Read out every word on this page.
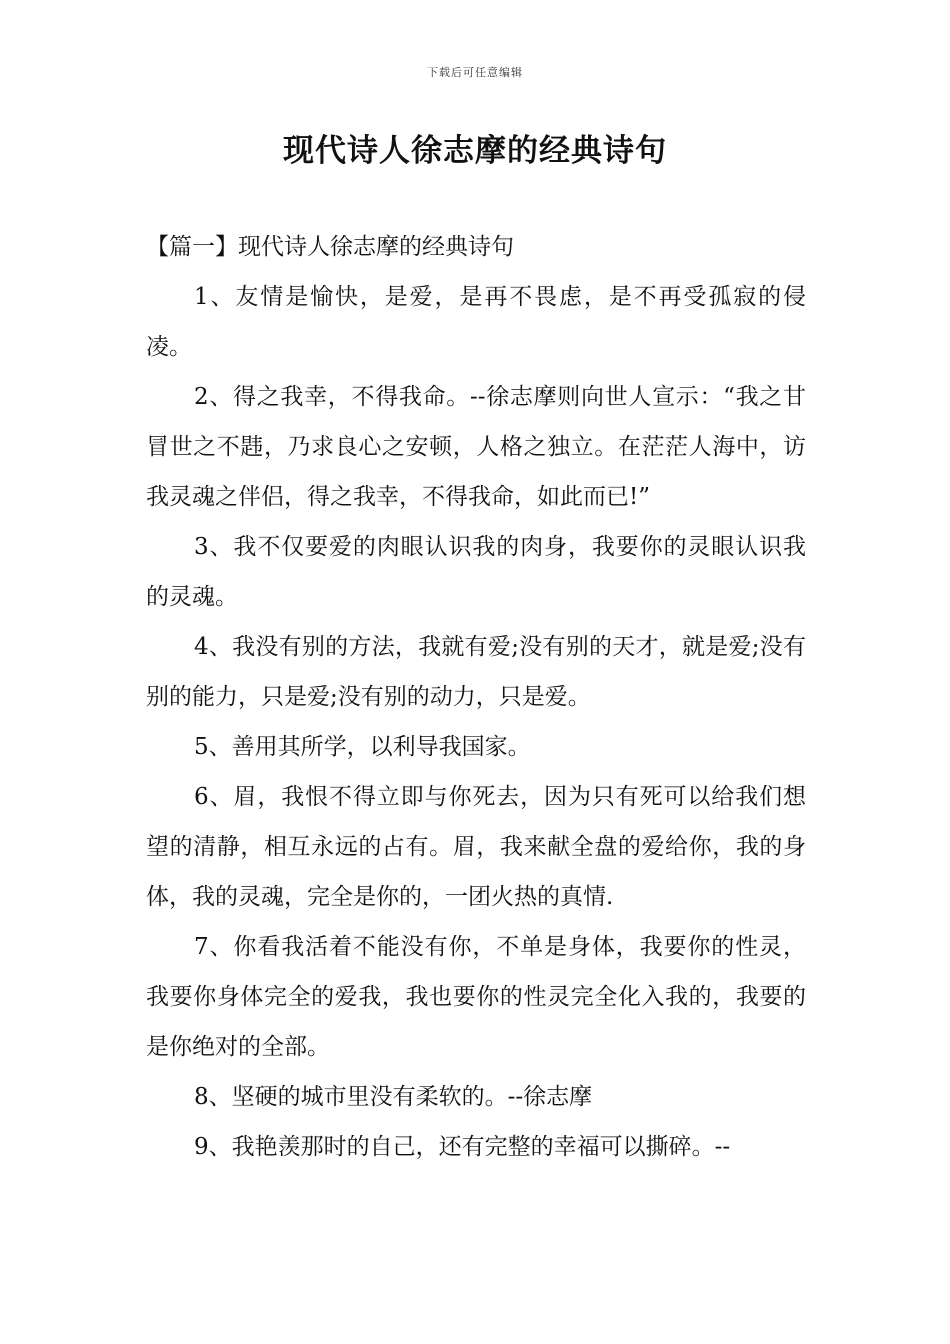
下载后可任意编辑
现代诗人徐志摩的经典诗句
【篇一】现代诗人徐志摩的经典诗句

1、友情是愉快，是爱，是再不畏虑，是不再受孤寂的侵凌。

2、得之我幸，不得我命。--徐志摩则向世人宣示：“我之甘冒世之不韪，乃求良心之安顿，人格之独立。在茫茫人海中，访我灵魂之伴侣，得之我幸，不得我命，如此而已!”

3、我不仅要爱的肉眼认识我的肉身，我要你的灵眼认识我的灵魂。

4、我没有别的方法，我就有爱;没有别的天才，就是爱;没有别的能力，只是爱;没有别的动力，只是爱。

5、善用其所学，以利导我国家。

6、眉，我恨不得立即与你死去，因为只有死可以给我们想望的清静，相互永远的占有。眉，我来献全盘的爱给你，我的身体，我的灵魂，完全是你的，一团火热的真情.

7、你看我活着不能没有你，不单是身体，我要你的性灵，我要你身体完全的爱我，我也要你的性灵完全化入我的，我要的是你绝对的全部。

8、坚硬的城市里没有柔软的。--徐志摩

9、我艳羡那时的自己，还有完整的幸福可以撕碎。--
